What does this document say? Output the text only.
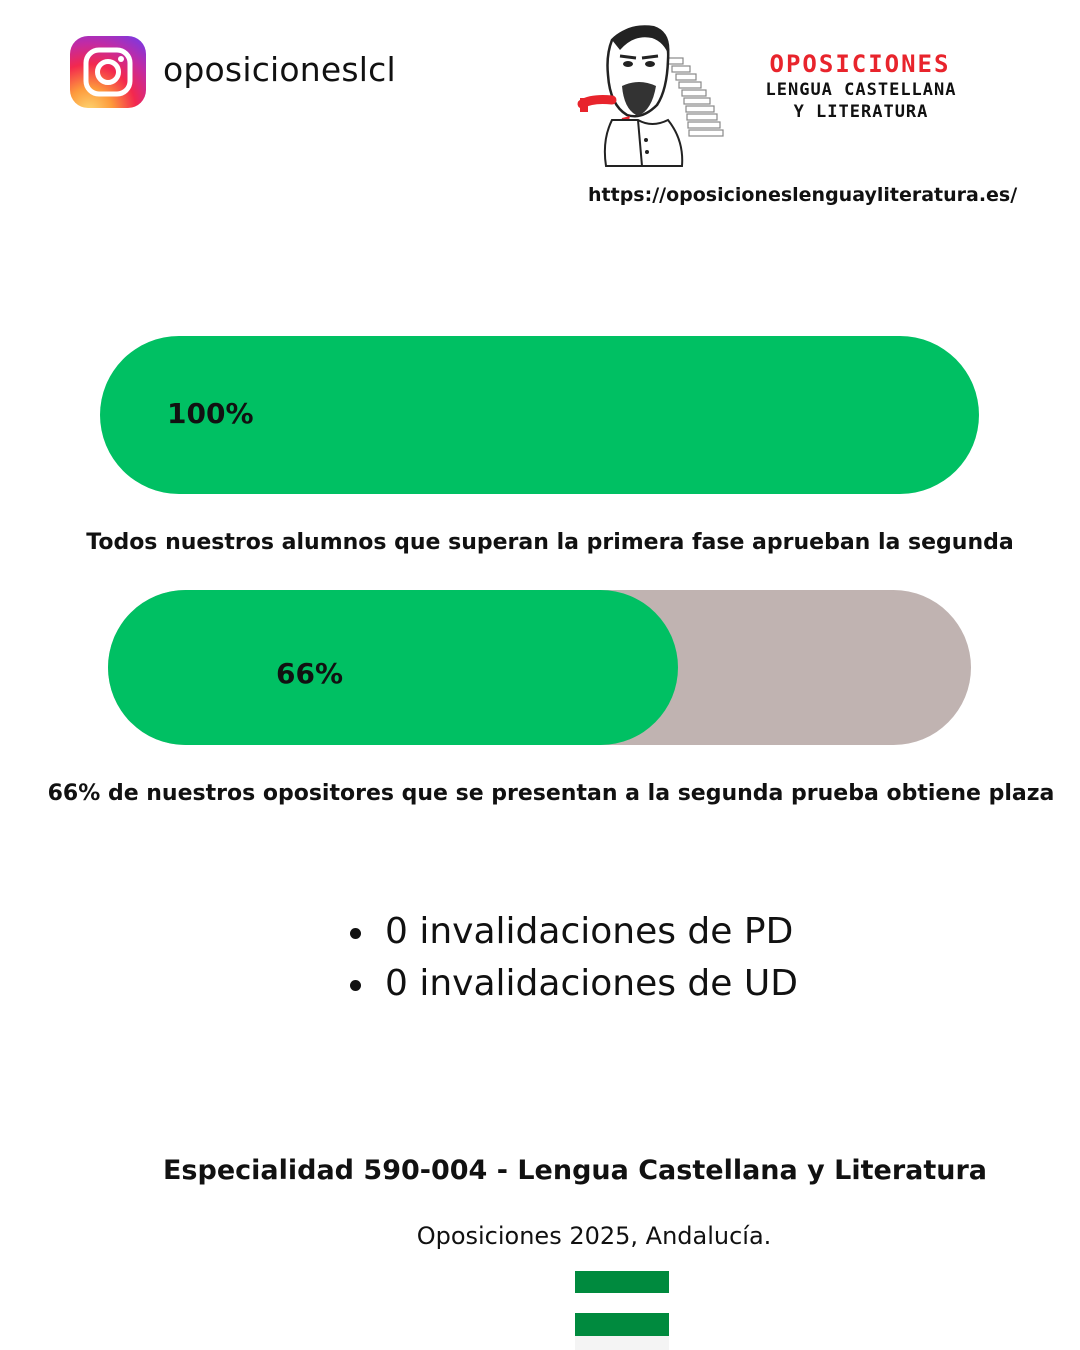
oposicioneslcl	OPOSICIONES
LENGUA CASTELLANA
Y LITERATURA
https://oposicioneslenguayliteratura.es/
100%
Todos nuestros alumnos que superan la primera fase aprueban la segunda
66%
66% de nuestros opositores que se presentan a la segunda prueba obtiene plaza
0 invalidaciones de PD
0 invalidaciones de UD
Especialidad 590-004 - Lengua Castellana y Literatura
Oposiciones 2025, Andalucía.
